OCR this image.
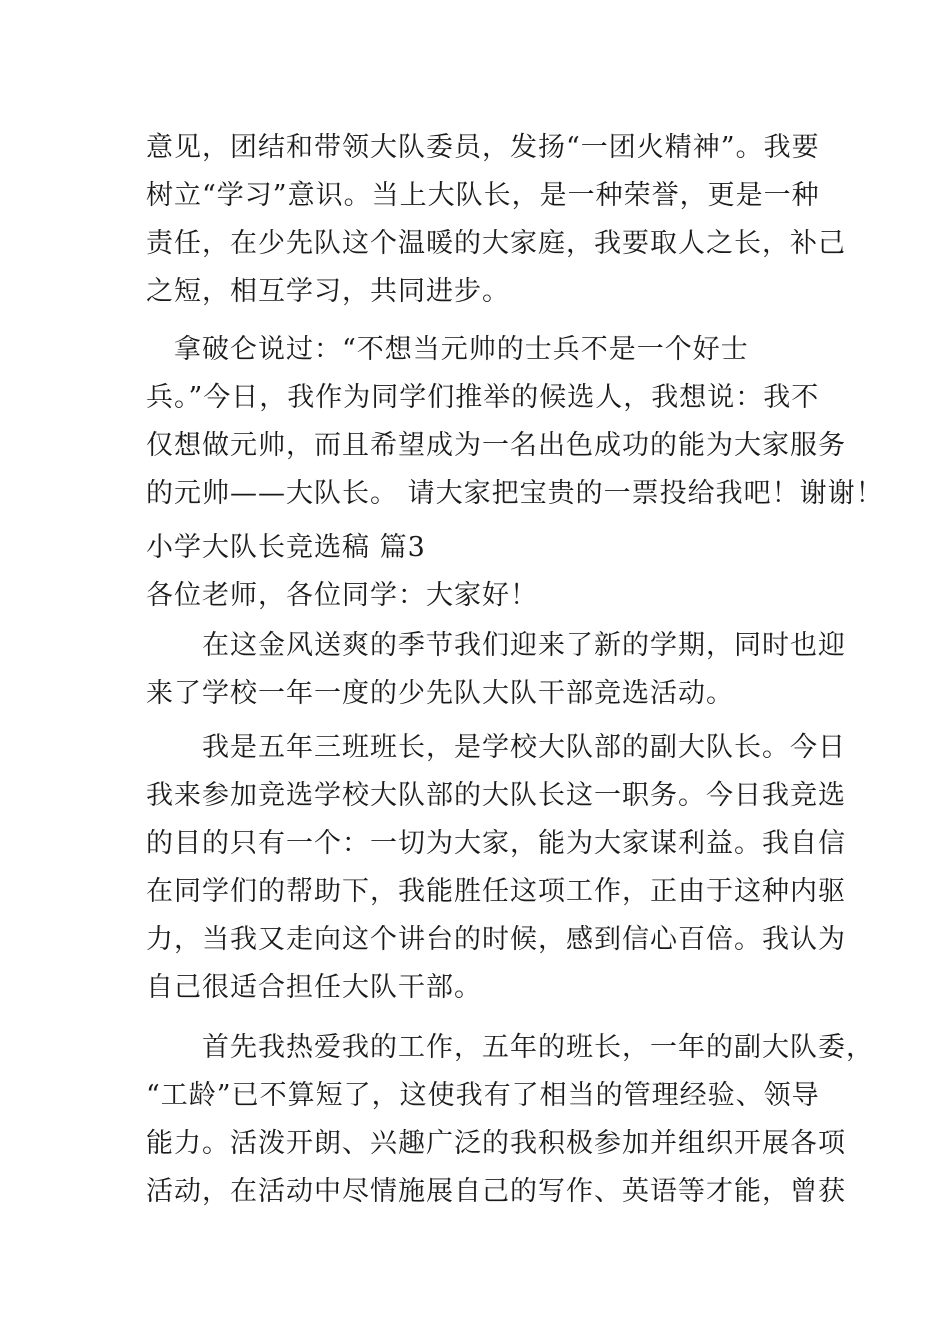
意见，团结和带领大队委员，发扬“一团火精神”。我要
树立“学习”意识。当上大队长，是一种荣誉，更是一种
责任，在少先队这个温暖的大家庭，我要取人之长，补己
之短，相互学习，共同进步。
　拿破仑说过：“不想当元帅的士兵不是一个好士
兵。”今日，我作为同学们推举的候选人，我想说：我不
仅想做元帅，而且希望成为一名出色成功的能为大家服务
的元帅——大队长。 请大家把宝贵的一票投给我吧！谢谢！
小学大队长竞选稿 篇3
各位老师，各位同学：大家好！
　　在这金风送爽的季节我们迎来了新的学期，同时也迎
来了学校一年一度的少先队大队干部竞选活动。
　　我是五年三班班长，是学校大队部的副大队长。今日
我来参加竞选学校大队部的大队长这一职务。今日我竞选
的目的只有一个：一切为大家，能为大家谋利益。我自信
在同学们的帮助下，我能胜任这项工作，正由于这种内驱
力，当我又走向这个讲台的时候，感到信心百倍。我认为
自己很适合担任大队干部。
　　首先我热爱我的工作，五年的班长，一年的副大队委，
“工龄”已不算短了，这使我有了相当的管理经验、领导
能力。活泼开朗、兴趣广泛的我积极参加并组织开展各项
活动，在活动中尽情施展自己的写作、英语等才能，曾获
